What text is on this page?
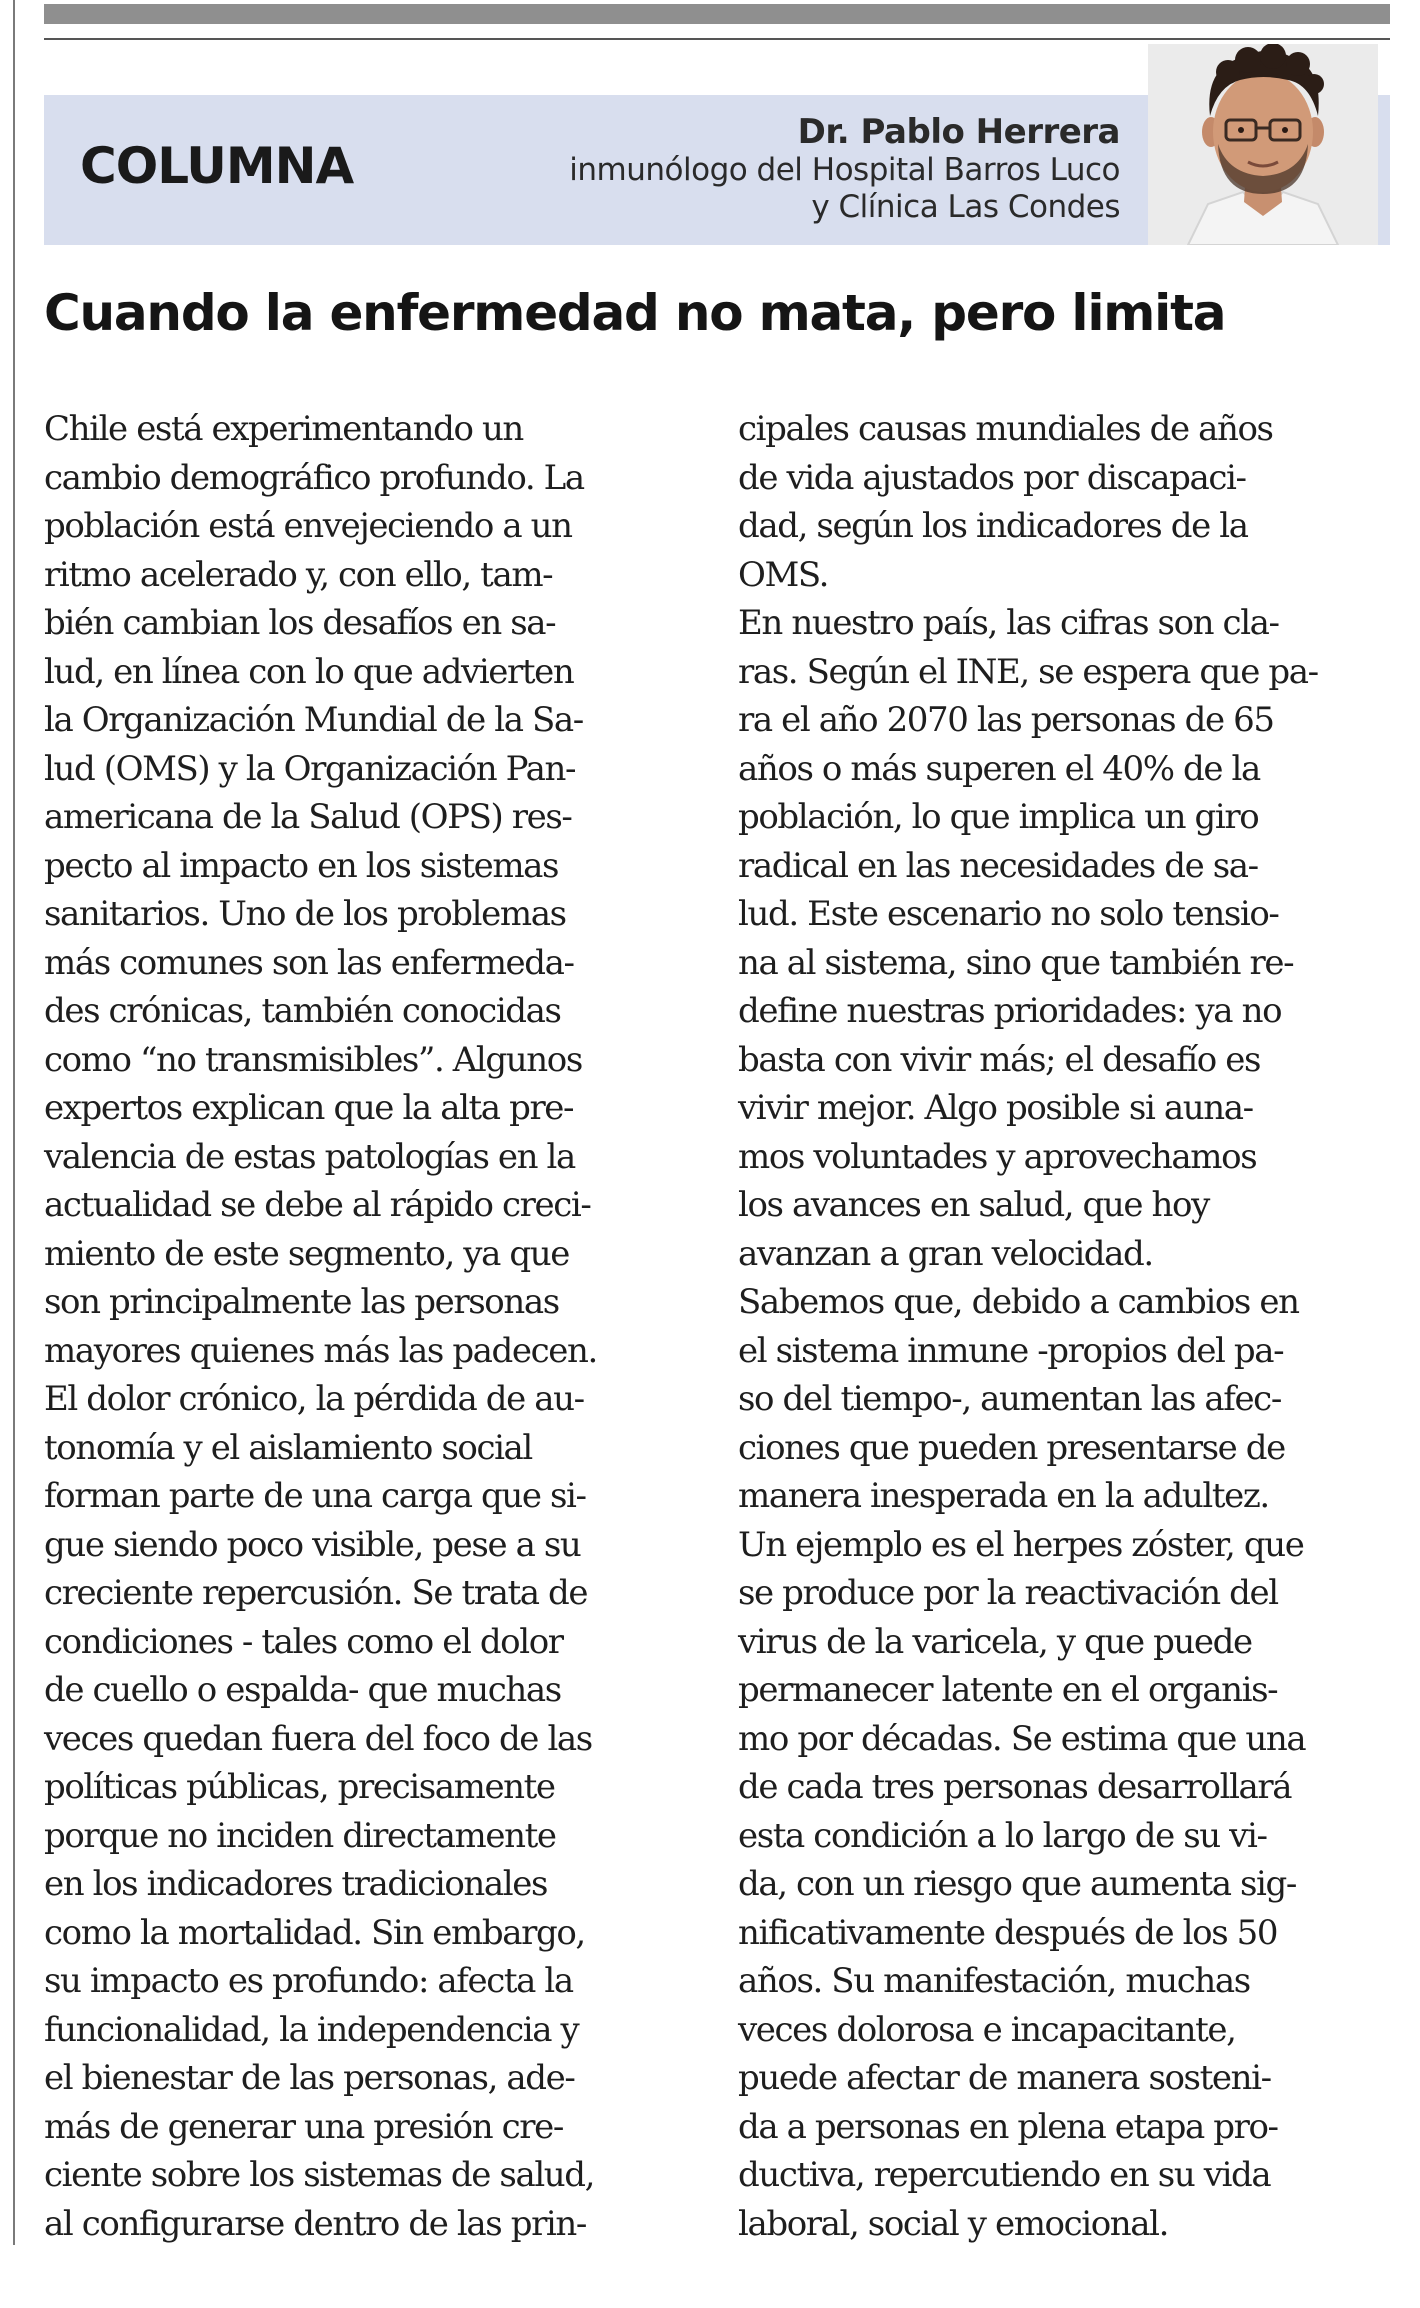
COLUMNA
Dr. Pablo Herrera
inmunólogo del Hospital Barros Luco
y Clínica Las Condes
Cuando la enfermedad no mata, pero limita
Chile está experimentando un
cambio demográfico profundo. La
población está envejeciendo a un
ritmo acelerado y, con ello, tam-
bién cambian los desafíos en sa-
lud, en línea con lo que advierten
la Organización Mundial de la Sa-
lud (OMS) y la Organización Pan-
americana de la Salud (OPS) res-
pecto al impacto en los sistemas
sanitarios. Uno de los problemas
más comunes son las enfermeda-
des crónicas, también conocidas
como “no transmisibles”. Algunos
expertos explican que la alta pre-
valencia de estas patologías en la
actualidad se debe al rápido creci-
miento de este segmento, ya que
son principalmente las personas
mayores quienes más las padecen.
El dolor crónico, la pérdida de au-
tonomía y el aislamiento social
forman parte de una carga que si-
gue siendo poco visible, pese a su
creciente repercusión. Se trata de
condiciones - tales como el dolor
de cuello o espalda- que muchas
veces quedan fuera del foco de las
políticas públicas, precisamente
porque no inciden directamente
en los indicadores tradicionales
como la mortalidad. Sin embargo,
su impacto es profundo: afecta la
funcionalidad, la independencia y
el bienestar de las personas, ade-
más de generar una presión cre-
ciente sobre los sistemas de salud,
al configurarse dentro de las prin-
cipales causas mundiales de años
de vida ajustados por discapaci-
dad, según los indicadores de la
OMS.
En nuestro país, las cifras son cla-
ras. Según el INE, se espera que pa-
ra el año 2070 las personas de 65
años o más superen el 40% de la
población, lo que implica un giro
radical en las necesidades de sa-
lud. Este escenario no solo tensio-
na al sistema, sino que también re-
define nuestras prioridades: ya no
basta con vivir más; el desafío es
vivir mejor. Algo posible si auna-
mos voluntades y aprovechamos
los avances en salud, que hoy
avanzan a gran velocidad.
Sabemos que, debido a cambios en
el sistema inmune -propios del pa-
so del tiempo-, aumentan las afec-
ciones que pueden presentarse de
manera inesperada en la adultez.
Un ejemplo es el herpes zóster, que
se produce por la reactivación del
virus de la varicela, y que puede
permanecer latente en el organis-
mo por décadas. Se estima que una
de cada tres personas desarrollará
esta condición a lo largo de su vi-
da, con un riesgo que aumenta sig-
nificativamente después de los 50
años. Su manifestación, muchas
veces dolorosa e incapacitante,
puede afectar de manera sosteni-
da a personas en plena etapa pro-
ductiva, repercutiendo en su vida
laboral, social y emocional.
